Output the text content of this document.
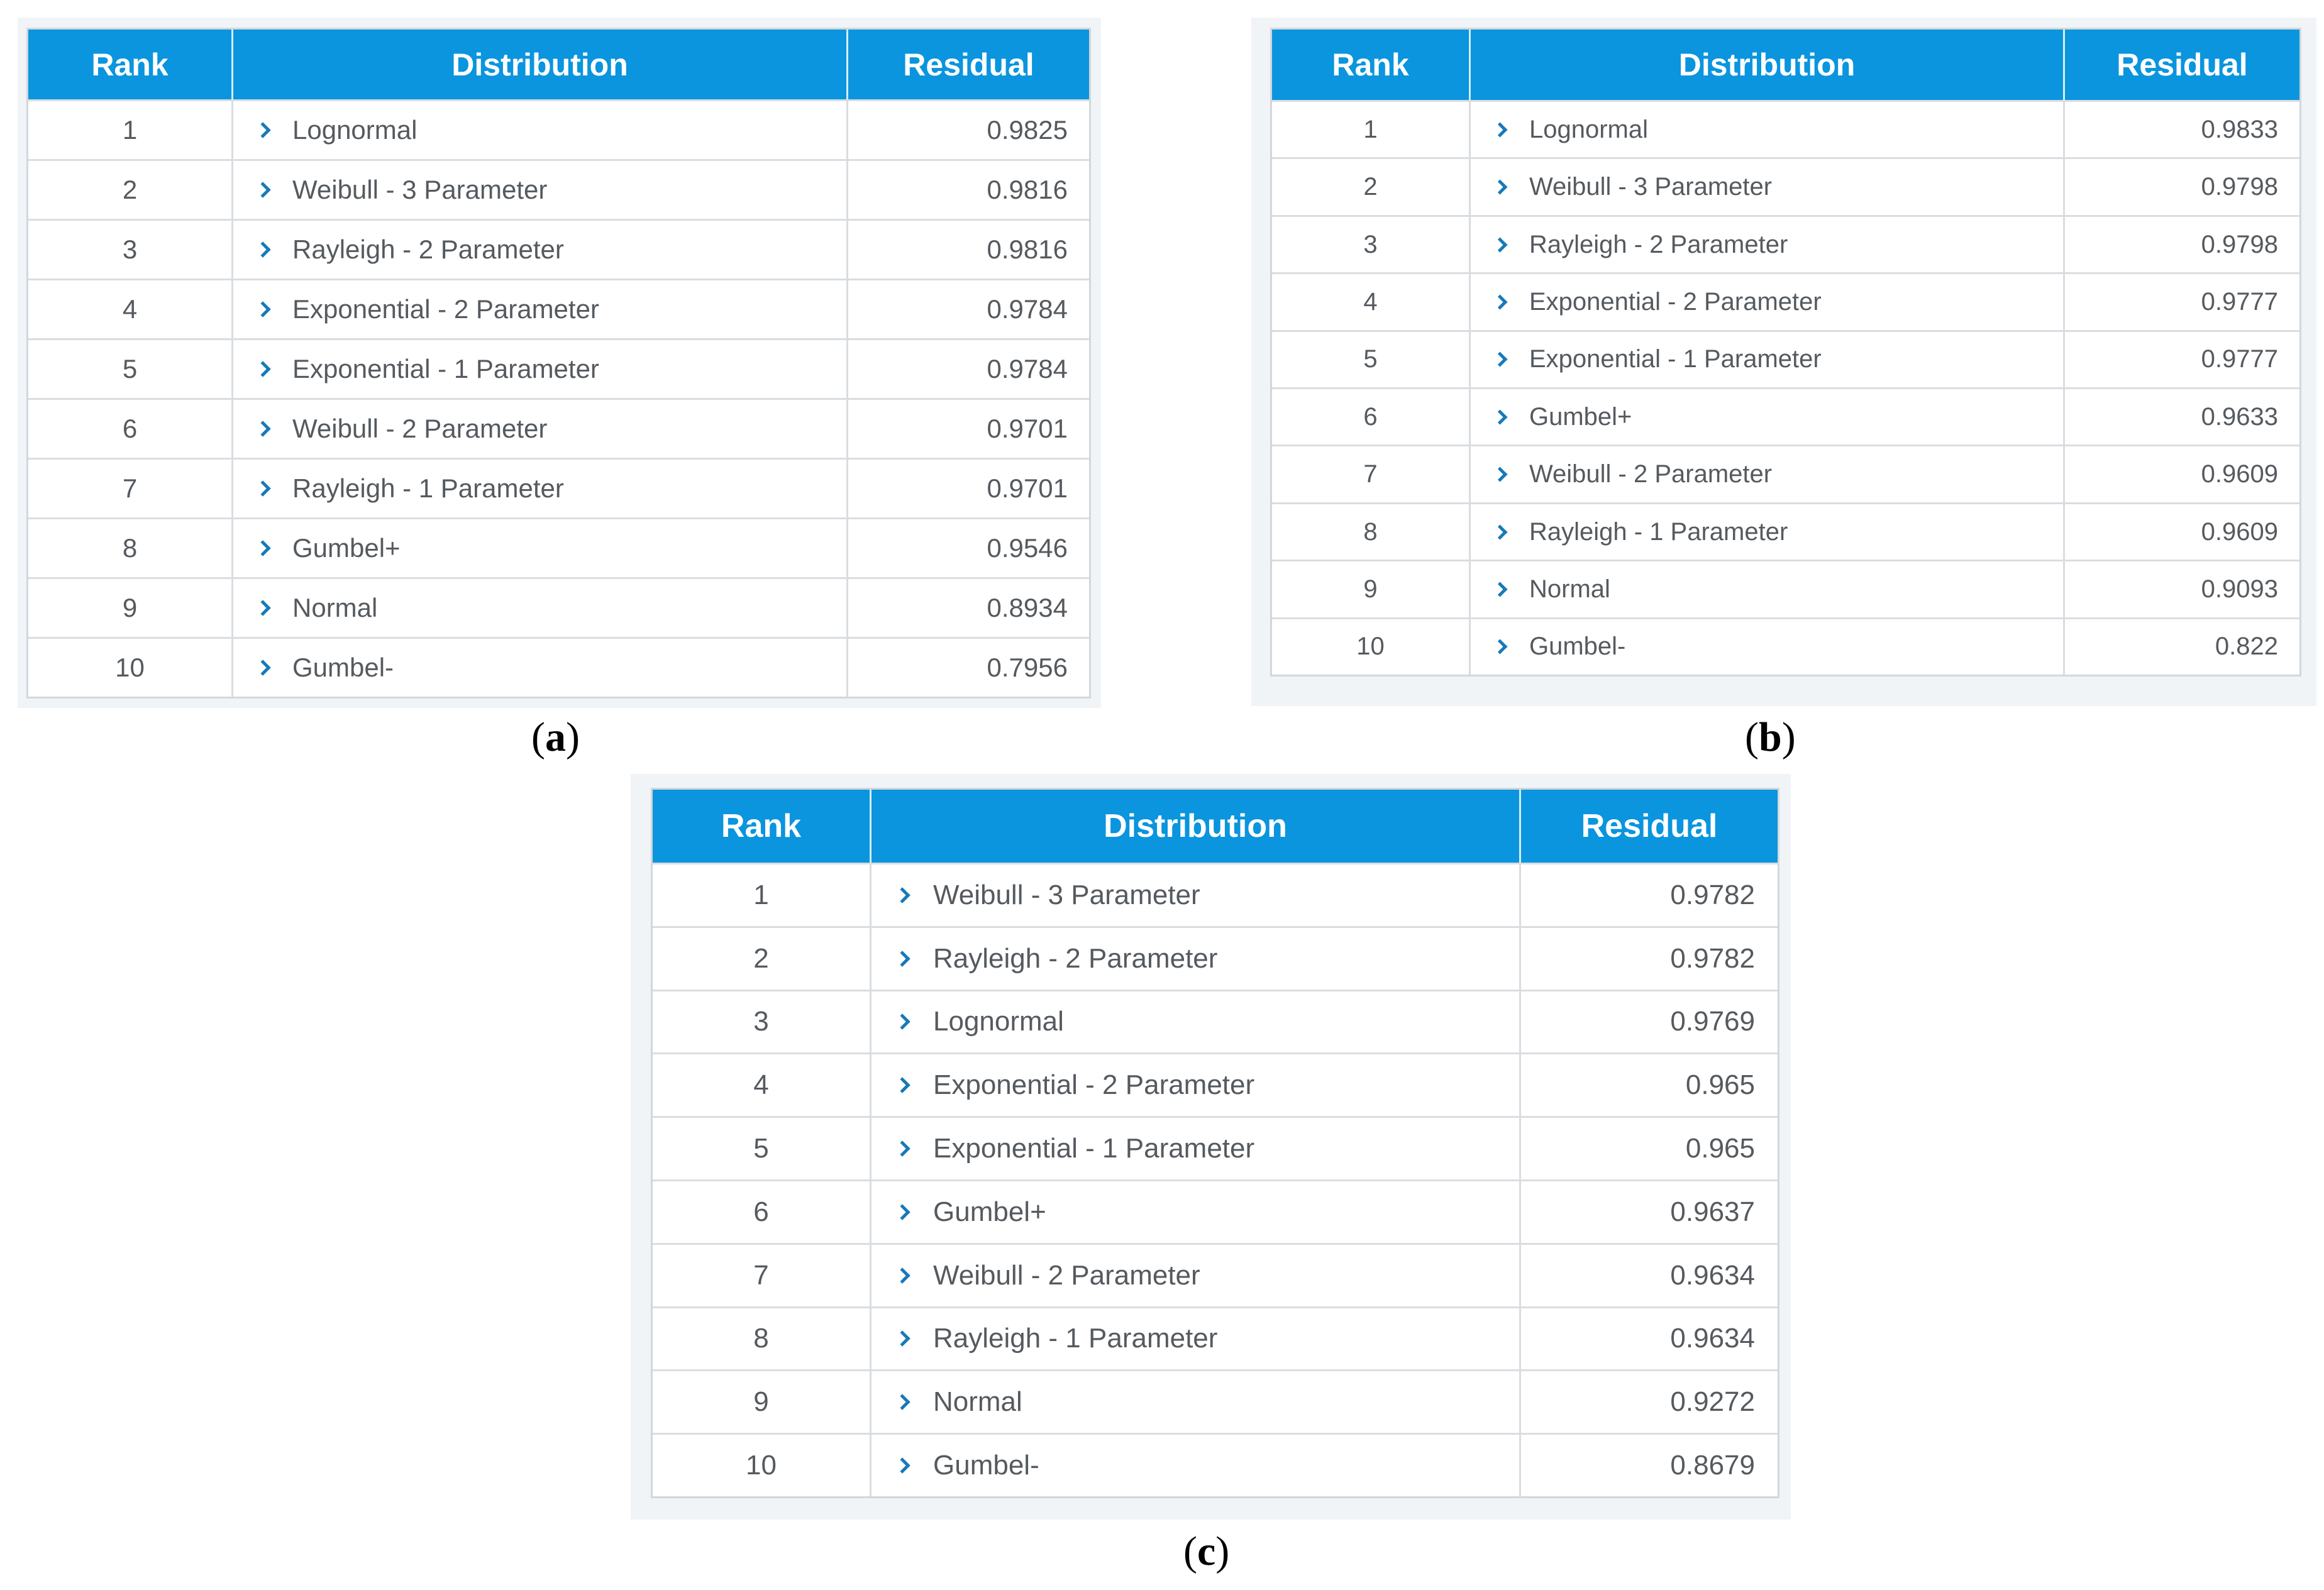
Rank	Distribution	Residual
1	Lognormal	0.9825
2	Weibull - 3 Parameter	0.9816
3	Rayleigh - 2 Parameter	0.9816
4	Exponential - 2 Parameter	0.9784
5	Exponential - 1 Parameter	0.9784
6	Weibull - 2 Parameter	0.9701
7	Rayleigh - 1 Parameter	0.9701
8	Gumbel+	0.9546
9	Normal	0.8934
10	Gumbel-	0.7956
(a)
Rank	Distribution	Residual
1	Lognormal	0.9833
2	Weibull - 3 Parameter	0.9798
3	Rayleigh - 2 Parameter	0.9798
4	Exponential - 2 Parameter	0.9777
5	Exponential - 1 Parameter	0.9777
6	Gumbel+	0.9633
7	Weibull - 2 Parameter	0.9609
8	Rayleigh - 1 Parameter	0.9609
9	Normal	0.9093
10	Gumbel-	0.822
(b)
Rank	Distribution	Residual
1	Weibull - 3 Parameter	0.9782
2	Rayleigh - 2 Parameter	0.9782
3	Lognormal	0.9769
4	Exponential - 2 Parameter	0.965
5	Exponential - 1 Parameter	0.965
6	Gumbel+	0.9637
7	Weibull - 2 Parameter	0.9634
8	Rayleigh - 1 Parameter	0.9634
9	Normal	0.9272
10	Gumbel-	0.8679
(c)
